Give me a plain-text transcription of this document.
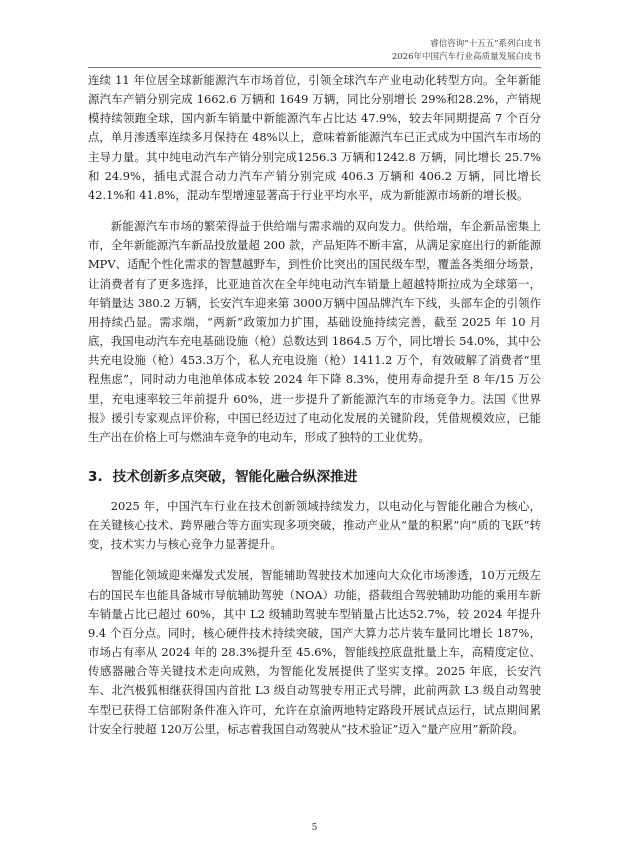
睿信咨询“十五五”系列白皮书
2026年中国汽车行业高质量发展白皮书

连续 11 年位居全球新能源汽车市场首位，引领全球汽车产业电动化转型方向。全年新能源汽车产销分别完成 1662.6 万辆和 1649 万辆，同比分别增长 29%和28.2%，产销规模持续领跑全球，国内新车销量中新能源汽车占比达 47.9%，较去年同期提高 7 个百分点，单月渗透率连续多月保持在 48%以上，意味着新能源汽车已正式成为中国汽车市场的主导力量。其中纯电动汽车产销分别完成1256.3 万辆和1242.8 万辆，同比增长 25.7%和 24.9%，插电式混合动力汽车产销分别完成 406.3 万辆和 406.2 万辆，同比增长 42.1%和 41.8%，混动车型增速显著高于行业平均水平，成为新能源市场新的增长极。

新能源汽车市场的繁荣得益于供给端与需求端的双向发力。供给端，车企新品密集上市，全年新能源汽车新品投放量超 200 款，产品矩阵不断丰富，从满足家庭出行的新能源 MPV、适配个性化需求的智慧越野车，到性价比突出的国民级车型，覆盖各类细分场景，让消费者有了更多选择，比亚迪首次在全年纯电动汽车销量上超越特斯拉成为全球第一，年销量达 380.2 万辆，长安汽车迎来第 3000万辆中国品牌汽车下线，头部车企的引领作用持续凸显。需求端，“两新”政策加力扩围，基础设施持续完善，截至 2025 年 10 月底，我国电动汽车充电基础设施（枪）总数达到 1864.5 万个，同比增长 54.0%，其中公共充电设施（枪）453.3万个，私人充电设施（枪）1411.2 万个，有效破解了消费者“里程焦虑”，同时动力电池单体成本较 2024 年下降 8.3%，使用寿命提升至 8 年/15 万公里，充电速率较三年前提升 60%，进一步提升了新能源汽车的市场竞争力。法国《世界报》援引专家观点评价称，中国已经迈过了电动化发展的关键阶段，凭借规模效应，已能生产出在价格上可与燃油车竞争的电动车，形成了独特的工业优势。

3. 技术创新多点突破，智能化融合纵深推进

2025 年，中国汽车行业在技术创新领域持续发力，以电动化与智能化融合为核心，在关键核心技术、跨界融合等方面实现多项突破，推动产业从“量的积累”向“质的飞跃”转变，技术实力与核心竞争力显著提升。

智能化领域迎来爆发式发展，智能辅助驾驶技术加速向大众化市场渗透，10万元级左右的国民车也能具备城市导航辅助驾驶（NOA）功能，搭载组合驾驶辅助功能的乘用车新车销量占比已超过 60%，其中 L2 级辅助驾驶车型销量占比达52.7%，较 2024 年提升 9.4 个百分点。同时，核心硬件技术持续突破，国产大算力芯片装车量同比增长 187%，市场占有率从 2024 年的 28.3%提升至 45.6%，智能线控底盘批量上车，高精度定位、传感器融合等关键技术走向成熟，为智能化发展提供了坚实支撑。2025 年底，长安汽车、北汽极狐相继获得国内首批 L3 级自动驾驶专用正式号牌，此前两款 L3 级自动驾驶车型已获得工信部附条件准入许可，允许在京渝两地特定路段开展试点运行，试点期间累计安全行驶超 120万公里，标志着我国自动驾驶从“技术验证”迈入“量产应用”新阶段。

5
